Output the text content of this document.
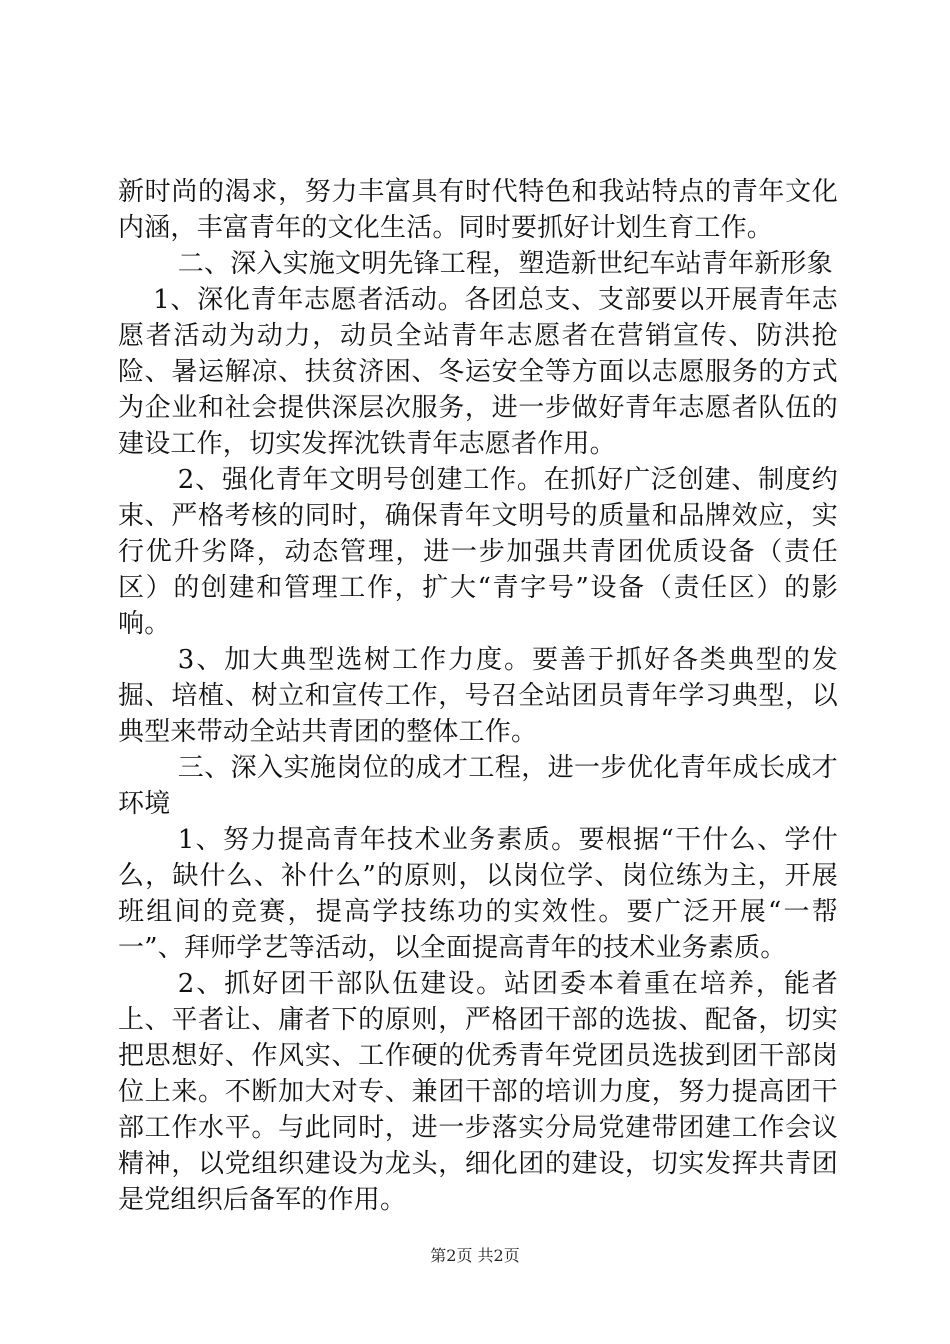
新时尚的渴求，努力丰富具有时代特色和我站特点的青年文化内涵，丰富青年的文化生活。同时要抓好计划生育工作。

二、深入实施文明先锋工程，塑造新世纪车站青年新形象

1、深化青年志愿者活动。各团总支、支部要以开展青年志愿者活动为动力，动员全站青年志愿者在营销宣传、防洪抢险、暑运解凉、扶贫济困、冬运安全等方面以志愿服务的方式为企业和社会提供深层次服务，进一步做好青年志愿者队伍的建设工作，切实发挥沈铁青年志愿者作用。

2、强化青年文明号创建工作。在抓好广泛创建、制度约束、严格考核的同时，确保青年文明号的质量和品牌效应，实行优升劣降，动态管理，进一步加强共青团优质设备（责任区）的创建和管理工作，扩大“青字号”设备（责任区）的影响。

3、加大典型选树工作力度。要善于抓好各类典型的发掘、培植、树立和宣传工作，号召全站团员青年学习典型，以典型来带动全站共青团的整体工作。

三、深入实施岗位的成才工程，进一步优化青年成长成才环境

1、努力提高青年技术业务素质。要根据“干什么、学什么，缺什么、补什么”的原则，以岗位学、岗位练为主，开展班组间的竞赛，提高学技练功的实效性。要广泛开展“一帮一”、拜师学艺等活动，以全面提高青年的技术业务素质。

2、抓好团干部队伍建设。站团委本着重在培养，能者上、平者让、庸者下的原则，严格团干部的选拔、配备，切实把思想好、作风实、工作硬的优秀青年党团员选拔到团干部岗位上来。不断加大对专、兼团干部的培训力度，努力提高团干部工作水平。与此同时，进一步落实分局党建带团建工作会议精神，以党组织建设为龙头，细化团的建设，切实发挥共青团是党组织后备军的作用。

第2页 共2页
